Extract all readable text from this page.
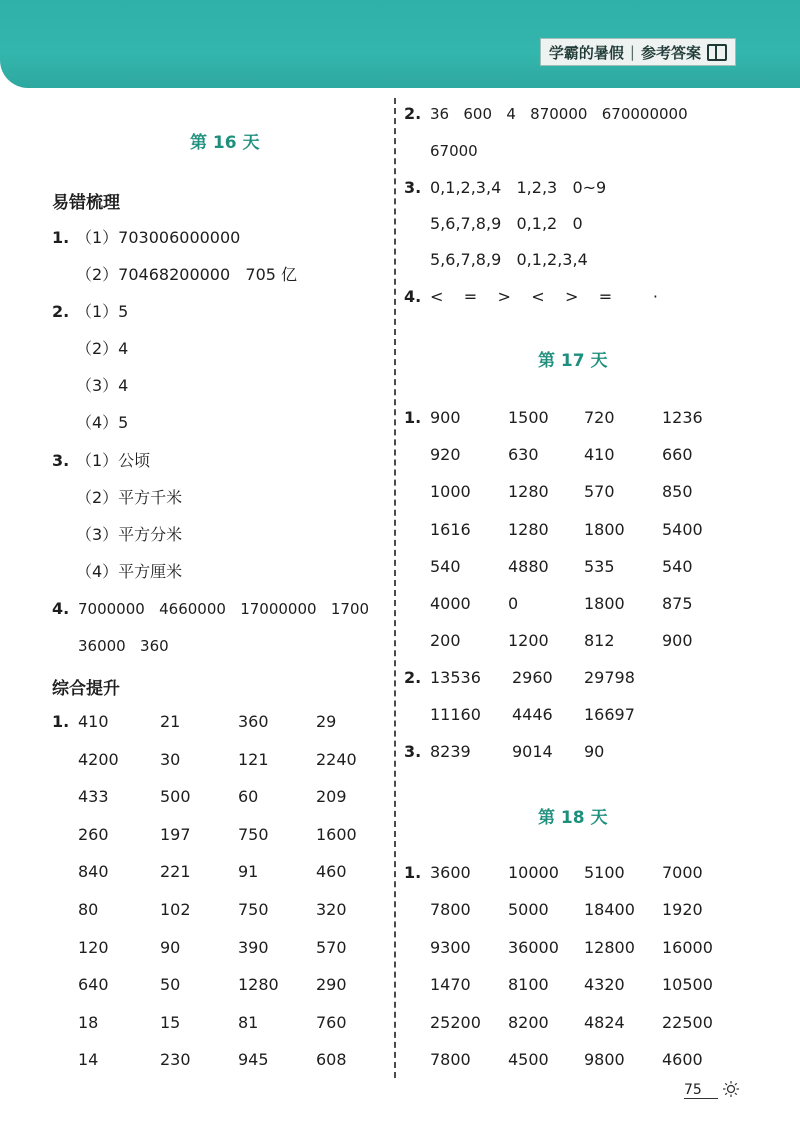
学霸的暑假 | 参考答案
第 16 天
易错梳理
1. （1）703006000000
（2）70468200000   705 亿
2. （1）5
（2）4
（3）4
（4）5
3. （1）公顷
（2）平方千米
（3）平方分米
（4）平方厘米
4. 7000000   4660000   17000000   1700
36000   360
综合提升
1. 410	21	360	29
4200	30	121	2240
433	500	60	209
260	197	750	1600
840	221	91	460
80	102	750	320
120	90	390	570
640	50	1280 290
18	15	81	760
14	230	945	608
2. 36   600   4   870000   670000000
67000
3. 0,1,2,3,4   1,2,3   0~9
5,6,7,8,9   0,1,2   0
5,6,7,8,9   0,1,2,3,4
4. <    =    >    <    >    =        ·
第 17 天
1. 900	1500 720	1236
920	630	410	660
1000 1280 570	850
1616 1280 1800 5400
540	4880 535	540
4000 0	1800 875
200	1200 812	900
2. 13536 2960 29798
11160 4446 16697
3. 8239	9014 90
第 18 天
1. 3600 10000 5100 7000
7800 5000 18400 1920
9300 36000 12800 16000
1470 8100 4320 10500
25200 8200 4824 22500
7800 4500 9800 4600
75
